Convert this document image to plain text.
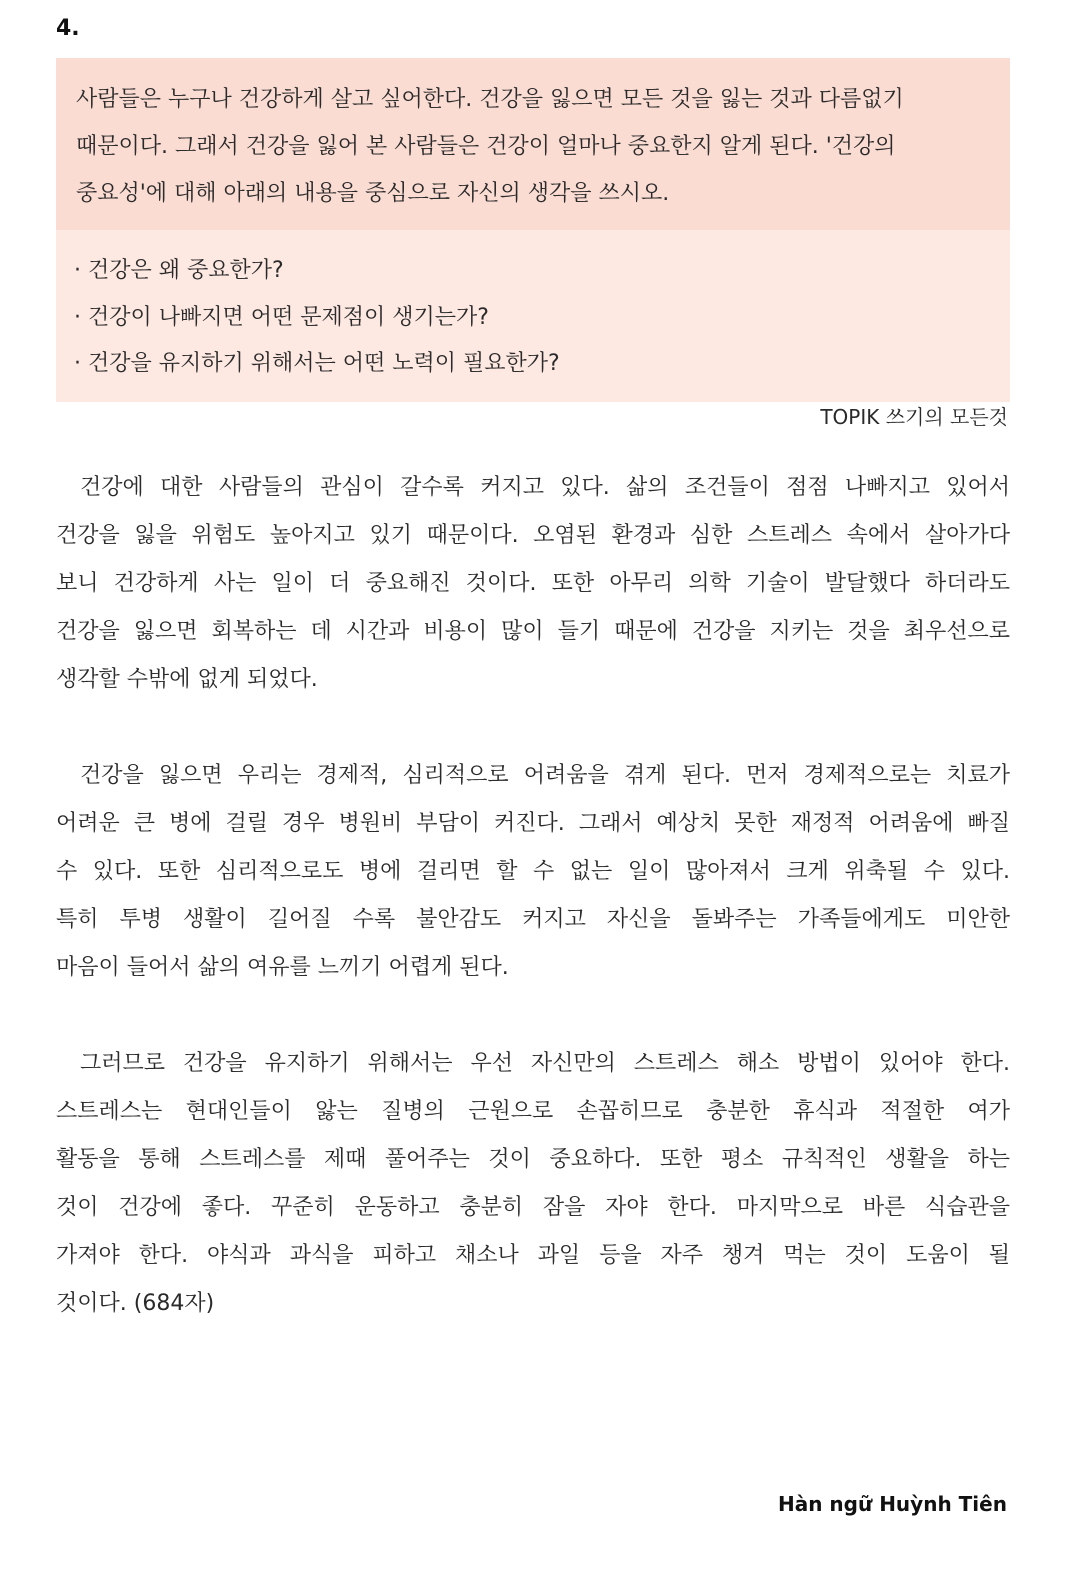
4.
사람들은 누구나 건강하게 살고 싶어한다. 건강을 잃으면 모든 것을 잃는 것과 다름없기
때문이다. 그래서 건강을 잃어 본 사람들은 건강이 얼마나 중요한지 알게 된다. '건강의
중요성'에 대해 아래의 내용을 중심으로 자신의 생각을 쓰시오.
· 건강은 왜 중요한가?
· 건강이 나빠지면 어떤 문제점이 생기는가?
· 건강을 유지하기 위해서는 어떤 노력이 필요한가?
TOPIK 쓰기의 모든것
건강에 대한 사람들의 관심이 갈수록 커지고 있다. 삶의 조건들이 점점 나빠지고 있어서
건강을 잃을 위험도 높아지고 있기 때문이다. 오염된 환경과 심한 스트레스 속에서 살아가다
보니 건강하게 사는 일이 더 중요해진 것이다. 또한 아무리 의학 기술이 발달했다 하더라도
건강을 잃으면 회복하는 데 시간과 비용이 많이 들기 때문에 건강을 지키는 것을 최우선으로
생각할 수밖에 없게 되었다.
건강을 잃으면 우리는 경제적, 심리적으로 어려움을 겪게 된다. 먼저 경제적으로는 치료가
어려운 큰 병에 걸릴 경우 병원비 부담이 커진다. 그래서 예상치 못한 재정적 어려움에 빠질
수 있다. 또한 심리적으로도 병에 걸리면 할 수 없는 일이 많아져서 크게 위축될 수 있다.
특히 투병 생활이 길어질 수록 불안감도 커지고 자신을 돌봐주는 가족들에게도 미안한
마음이 들어서 삶의 여유를 느끼기 어렵게 된다.
그러므로 건강을 유지하기 위해서는 우선 자신만의 스트레스 해소 방법이 있어야 한다.
스트레스는 현대인들이 앓는 질병의 근원으로 손꼽히므로 충분한 휴식과 적절한 여가
활동을 통해 스트레스를 제때 풀어주는 것이 중요하다. 또한 평소 규칙적인 생활을 하는
것이 건강에 좋다. 꾸준히 운동하고 충분히 잠을 자야 한다. 마지막으로 바른 식습관을
가져야 한다. 야식과 과식을 피하고 채소나 과일 등을 자주 챙겨 먹는 것이 도움이 될
것이다. (684자)
Hàn ngữ Huỳnh Tiên
